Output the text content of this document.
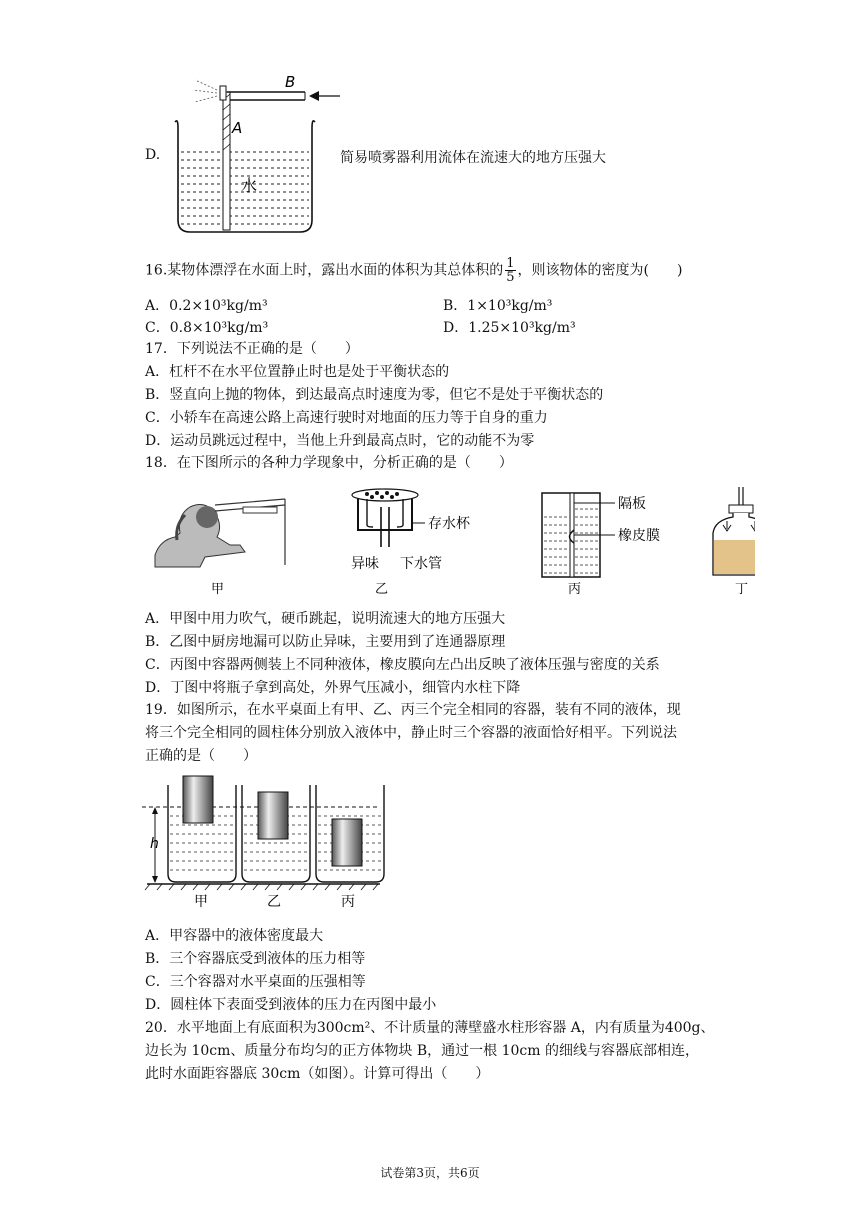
D.
B
A
水
简易喷雾器利用流体在流速大的地方压强大
16.某物体漂浮在水面上时，露出水面的体积为其总体积的 $\frac{1}{5}$ ，则该物体的密度为(　　)
A．0.2×10³kg/m³	B．1×10³kg/m³
C．0.8×10³kg/m³	D．1.25×10³kg/m³
17．下列说法不正确的是（　　）
A．杠杆不在水平位置静止时也是处于平衡状态的
B．竖直向上抛的物体，到达最高点时速度为零，但它不是处于平衡状态的
C．小轿车在高速公路上高速行驶时对地面的压力等于自身的重力
D．运动员跳远过程中，当他上升到最高点时，它的动能不为零
18．在下图所示的各种力学现象中，分析正确的是（　　）
甲
存水杯
异味 下水管
乙
隔板
橡皮膜
丙	丁
A．甲图中用力吹气，硬币跳起，说明流速大的地方压强大
B．乙图中厨房地漏可以防止异味，主要用到了连通器原理
C．丙图中容器两侧装上不同种液体，橡皮膜向左凸出反映了液体压强与密度的关系
D．丁图中将瓶子拿到高处，外界气压减小，细管内水柱下降
19．如图所示，在水平桌面上有甲、乙、丙三个完全相同的容器，装有不同的液体，现
将三个完全相同的圆柱体分别放入液体中，静止时三个容器的液面恰好相平。下列说法
正确的是（　　）
h
甲	乙	丙
A．甲容器中的液体密度最大
B．三个容器底受到液体的压力相等
C．三个容器对水平桌面的压强相等
D．圆柱体下表面受到液体的压力在丙图中最小
20．水平地面上有底面积为300cm²、不计质量的薄壁盛水柱形容器 A，内有质量为400g、
边长为 10cm、质量分布均匀的正方体物块 B，通过一根 10cm 的细线与容器底部相连，
此时水面距容器底 30cm（如图）。计算可得出（　　）
试卷第3页，共6页
